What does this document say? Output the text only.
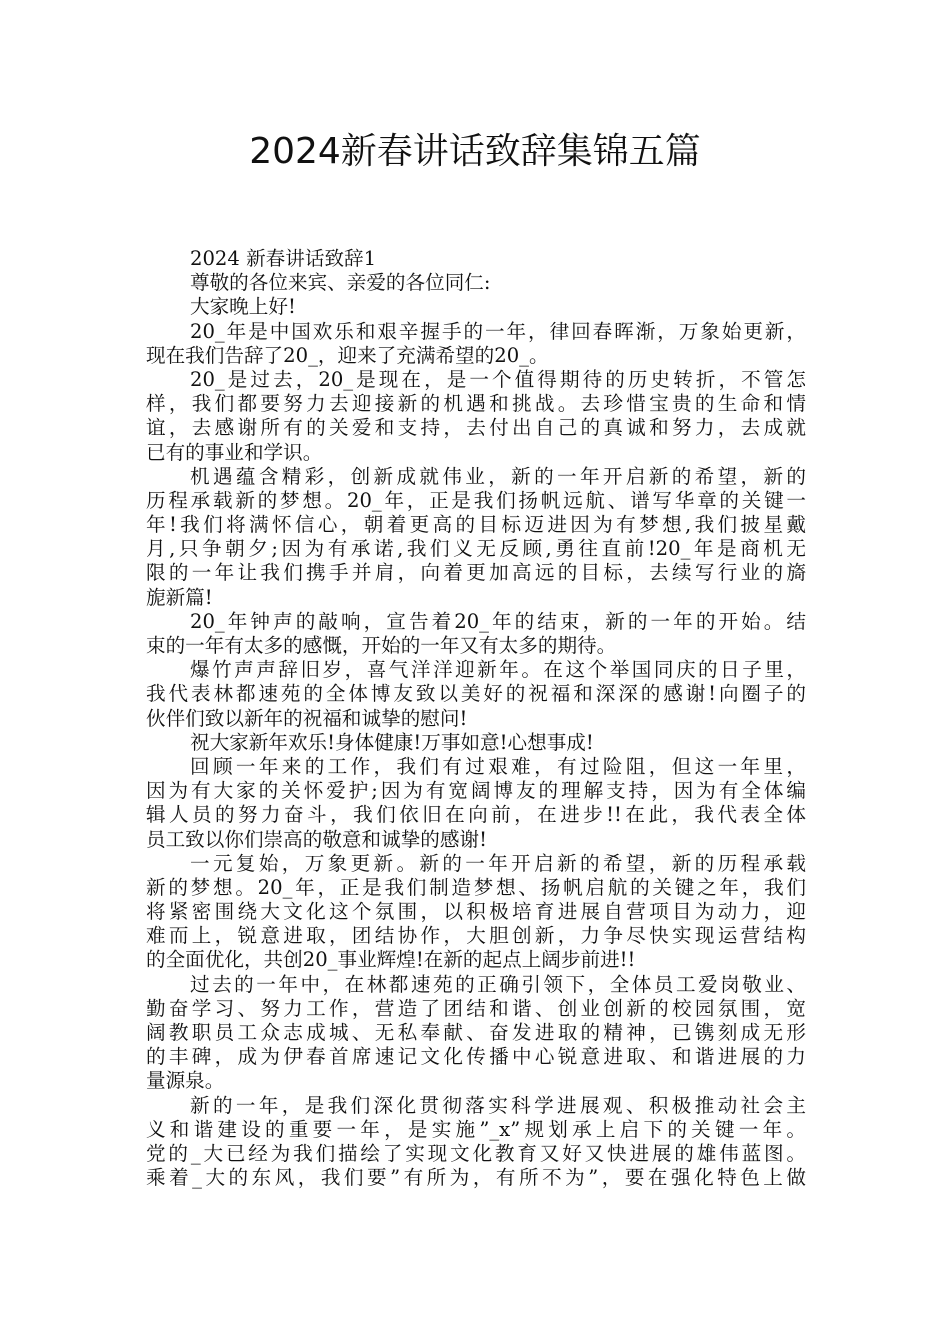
2024新春讲话致辞集锦五篇
2024 新春讲话致辞1
尊敬的各位来宾、亲爱的各位同仁:
大家晚上好!
20_年是中国欢乐和艰辛握手的一年，律回春晖渐，万象始更新，
现在我们告辞了20_，迎来了充满希望的20_。
20_是过去，20_是现在，是一个值得期待的历史转折，不管怎
样，我们都要努力去迎接新的机遇和挑战。去珍惜宝贵的生命和情
谊，去感谢所有的关爱和支持，去付出自己的真诚和努力，去成就
已有的事业和学识。
机遇蕴含精彩，创新成就伟业，新的一年开启新的希望，新的
历程承载新的梦想。20_年，正是我们扬帆远航、谱写华章的关键一
年!我们将满怀信心，朝着更高的目标迈进因为有梦想,我们披星戴
月,只争朝夕;因为有承诺,我们义无反顾,勇往直前!20_年是商机无
限的一年让我们携手并肩，向着更加高远的目标，去续写行业的旖
旎新篇!
20_年钟声的敲响，宣告着20_年的结束，新的一年的开始。结
束的一年有太多的感慨，开始的一年又有太多的期待。
爆竹声声辞旧岁，喜气洋洋迎新年。在这个举国同庆的日子里，
我代表林都速苑的全体博友致以美好的祝福和深深的感谢!向圈子的
伙伴们致以新年的祝福和诚挚的慰问!
祝大家新年欢乐!身体健康!万事如意!心想事成!
回顾一年来的工作，我们有过艰难，有过险阻，但这一年里，
因为有大家的关怀爱护;因为有宽阔博友的理解支持，因为有全体编
辑人员的努力奋斗，我们依旧在向前，在进步!!在此，我代表全体
员工致以你们崇高的敬意和诚挚的感谢!
一元复始，万象更新。新的一年开启新的希望，新的历程承载
新的梦想。20_年，正是我们制造梦想、扬帆启航的关键之年，我们
将紧密围绕大文化这个氛围，以积极培育进展自营项目为动力，迎
难而上，锐意进取，团结协作，大胆创新，力争尽快实现运营结构
的全面优化，共创20_事业辉煌!在新的起点上阔步前进!!
过去的一年中，在林都速苑的正确引领下，全体员工爱岗敬业、
勤奋学习、努力工作，营造了团结和谐、创业创新的校园氛围，宽
阔教职员工众志成城、无私奉献、奋发进取的精神，已镌刻成无形
的丰碑，成为伊春首席速记文化传播中心锐意进取、和谐进展的力
量源泉。
新的一年，是我们深化贯彻落实科学进展观、积极推动社会主
义和谐建设的重要一年，是实施”_x”规划承上启下的关键一年。
党的_大已经为我们描绘了实现文化教育又好又快进展的雄伟蓝图。
乘着_大的东风，我们要”有所为，有所不为”，要在强化特色上做
